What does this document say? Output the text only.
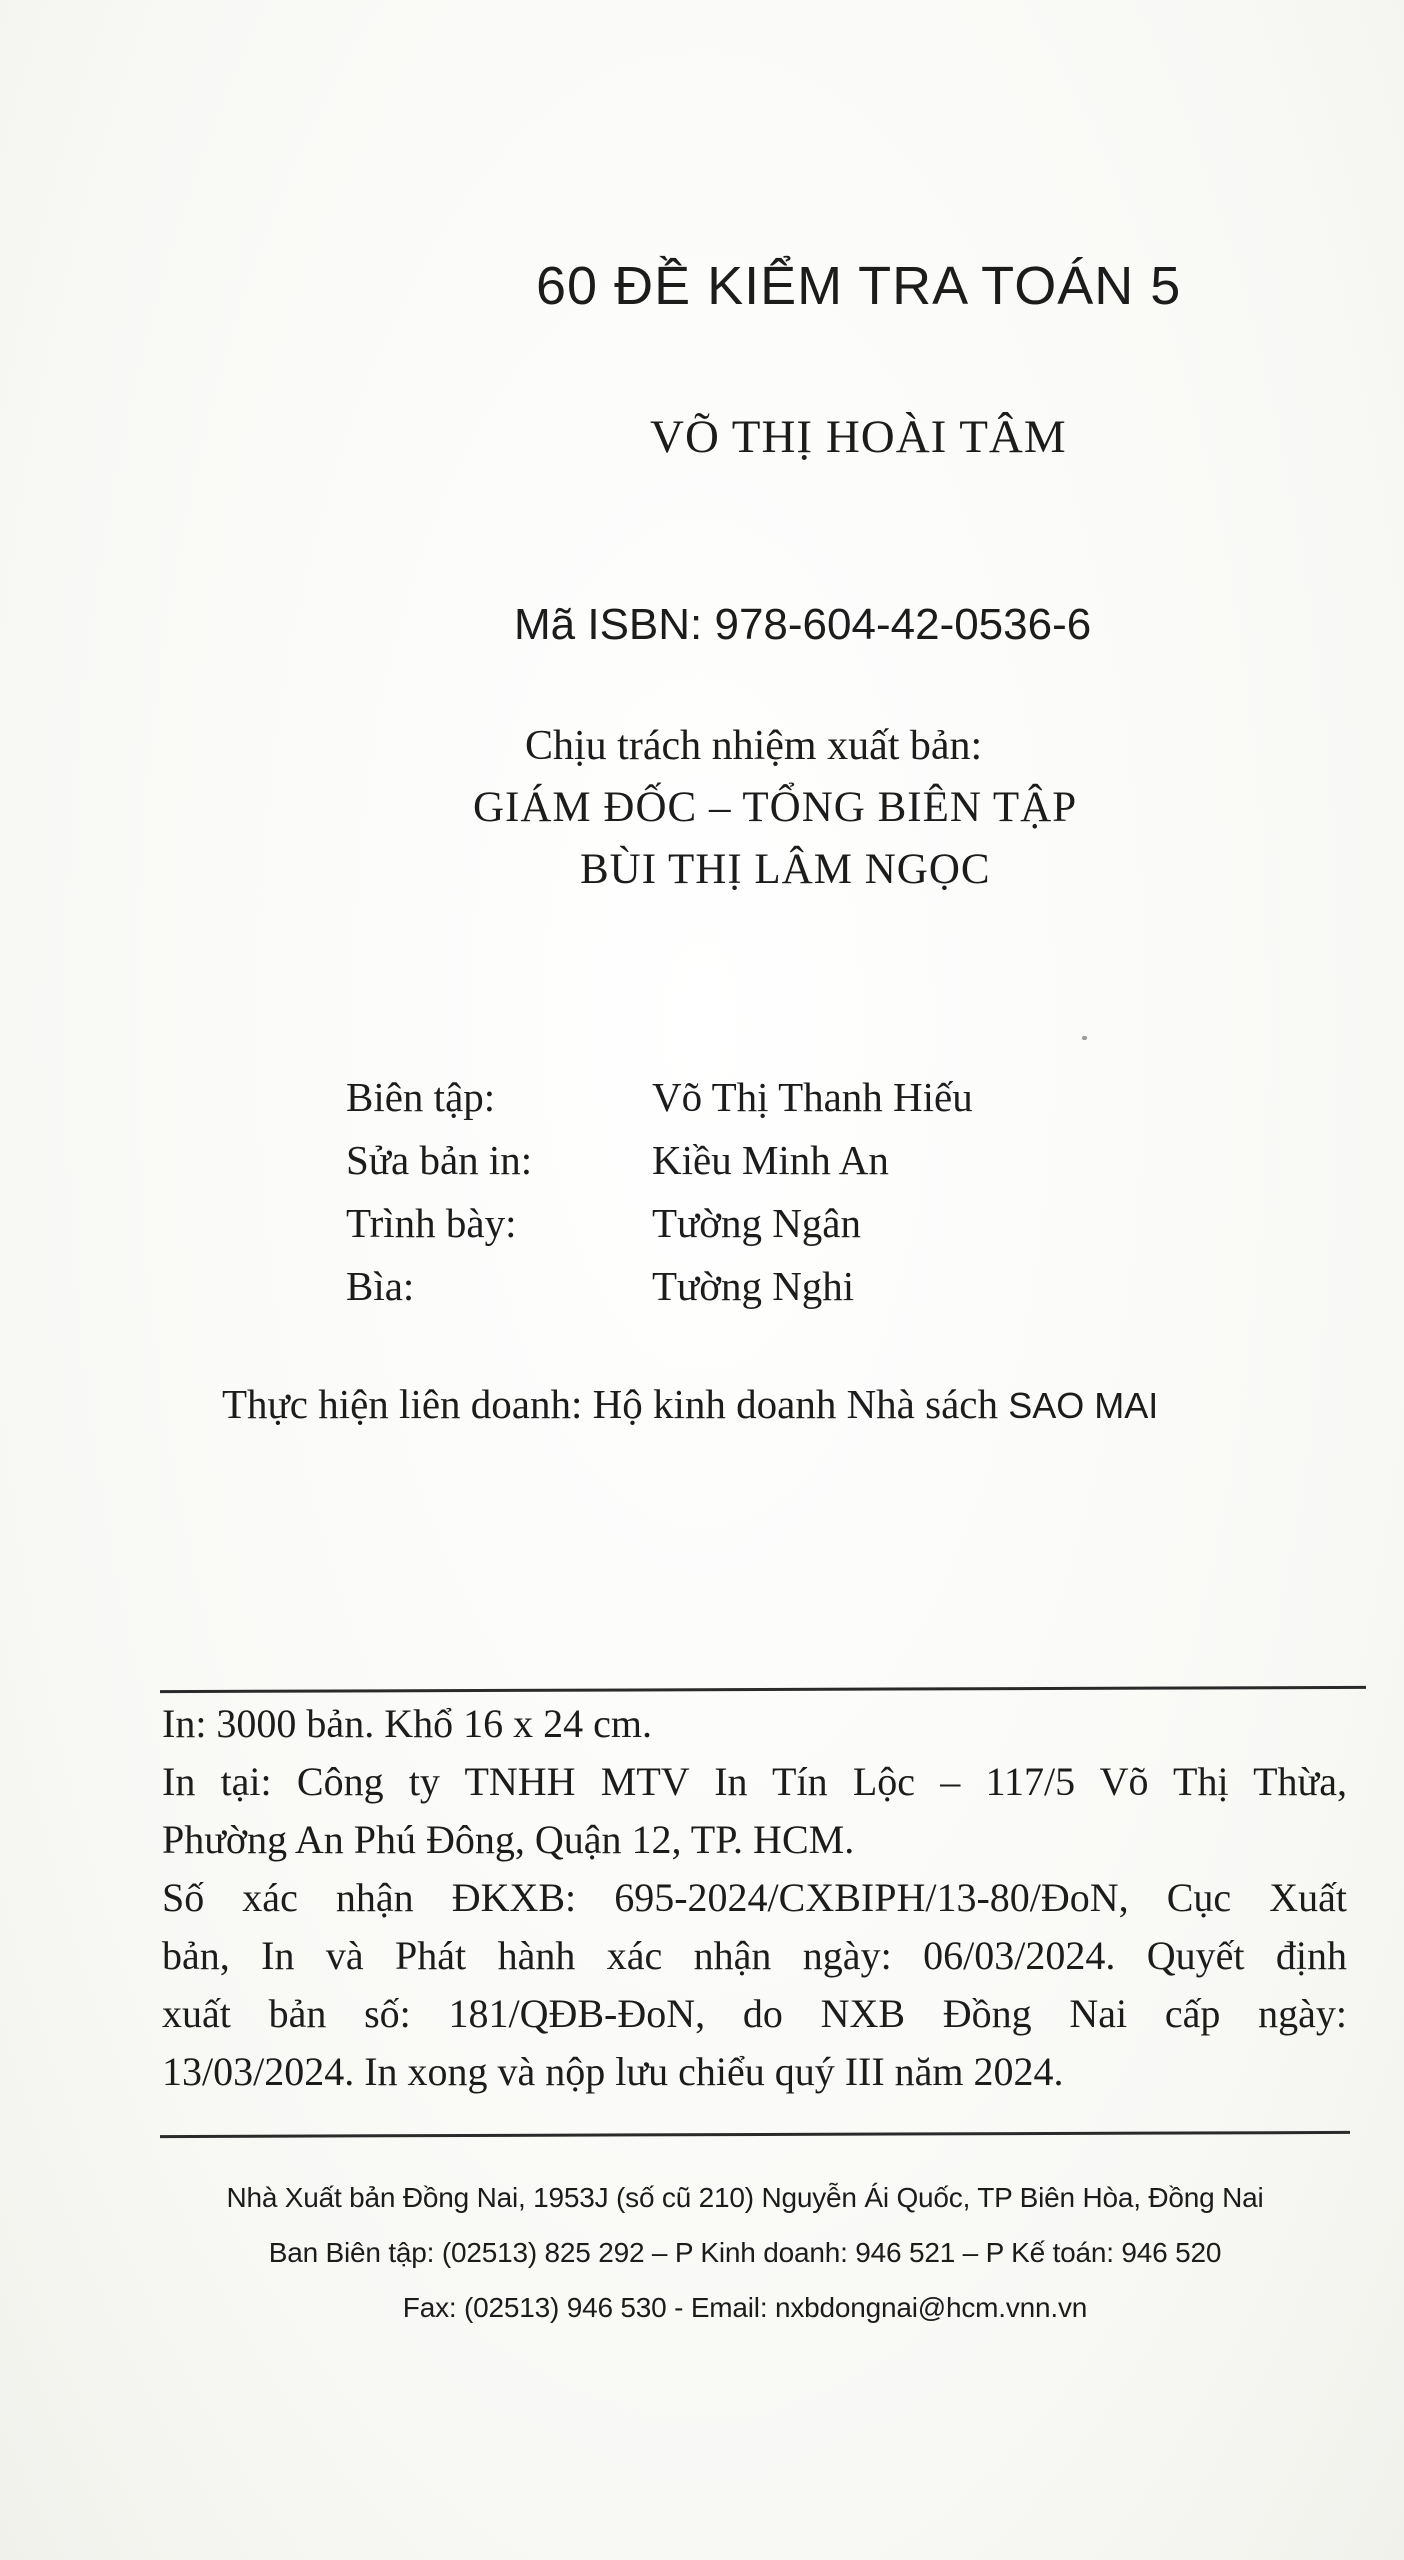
60 ĐỀ KIỂM TRA TOÁN 5
VÕ THỊ HOÀI TÂM
Mã ISBN: 978-604-42-0536-6
Chịu trách nhiệm xuất bản:
GIÁM ĐỐC – TỔNG BIÊN TẬP
BÙI THỊ LÂM NGỌC
Biên tập:	Võ Thị Thanh Hiếu
Sửa bản in:	Kiều Minh An
Trình bày:	Tường Ngân
Bìa:	Tường Nghi
Thực hiện liên doanh: Hộ kinh doanh Nhà sách SAO MAI
In: 3000 bản. Khổ 16 x 24 cm.
In tại: Công ty TNHH MTV In Tín Lộc – 117/5 Võ Thị Thừa,
Phường An Phú Đông, Quận 12, TP. HCM.
Số xác nhận ĐKXB: 695-2024/CXBIPH/13-80/ĐoN, Cục Xuất
bản, In và Phát hành xác nhận ngày: 06/03/2024. Quyết định
xuất bản số: 181/QĐB-ĐoN, do NXB Đồng Nai cấp ngày:
13/03/2024. In xong và nộp lưu chiểu quý III năm 2024.
Nhà Xuất bản Đồng Nai, 1953J (số cũ 210) Nguyễn Ái Quốc, TP Biên Hòa, Đồng Nai
Ban Biên tập: (02513) 825 292 – P Kinh doanh: 946 521 – P Kế toán: 946 520
Fax: (02513) 946 530 - Email: nxbdongnai@hcm.vnn.vn
